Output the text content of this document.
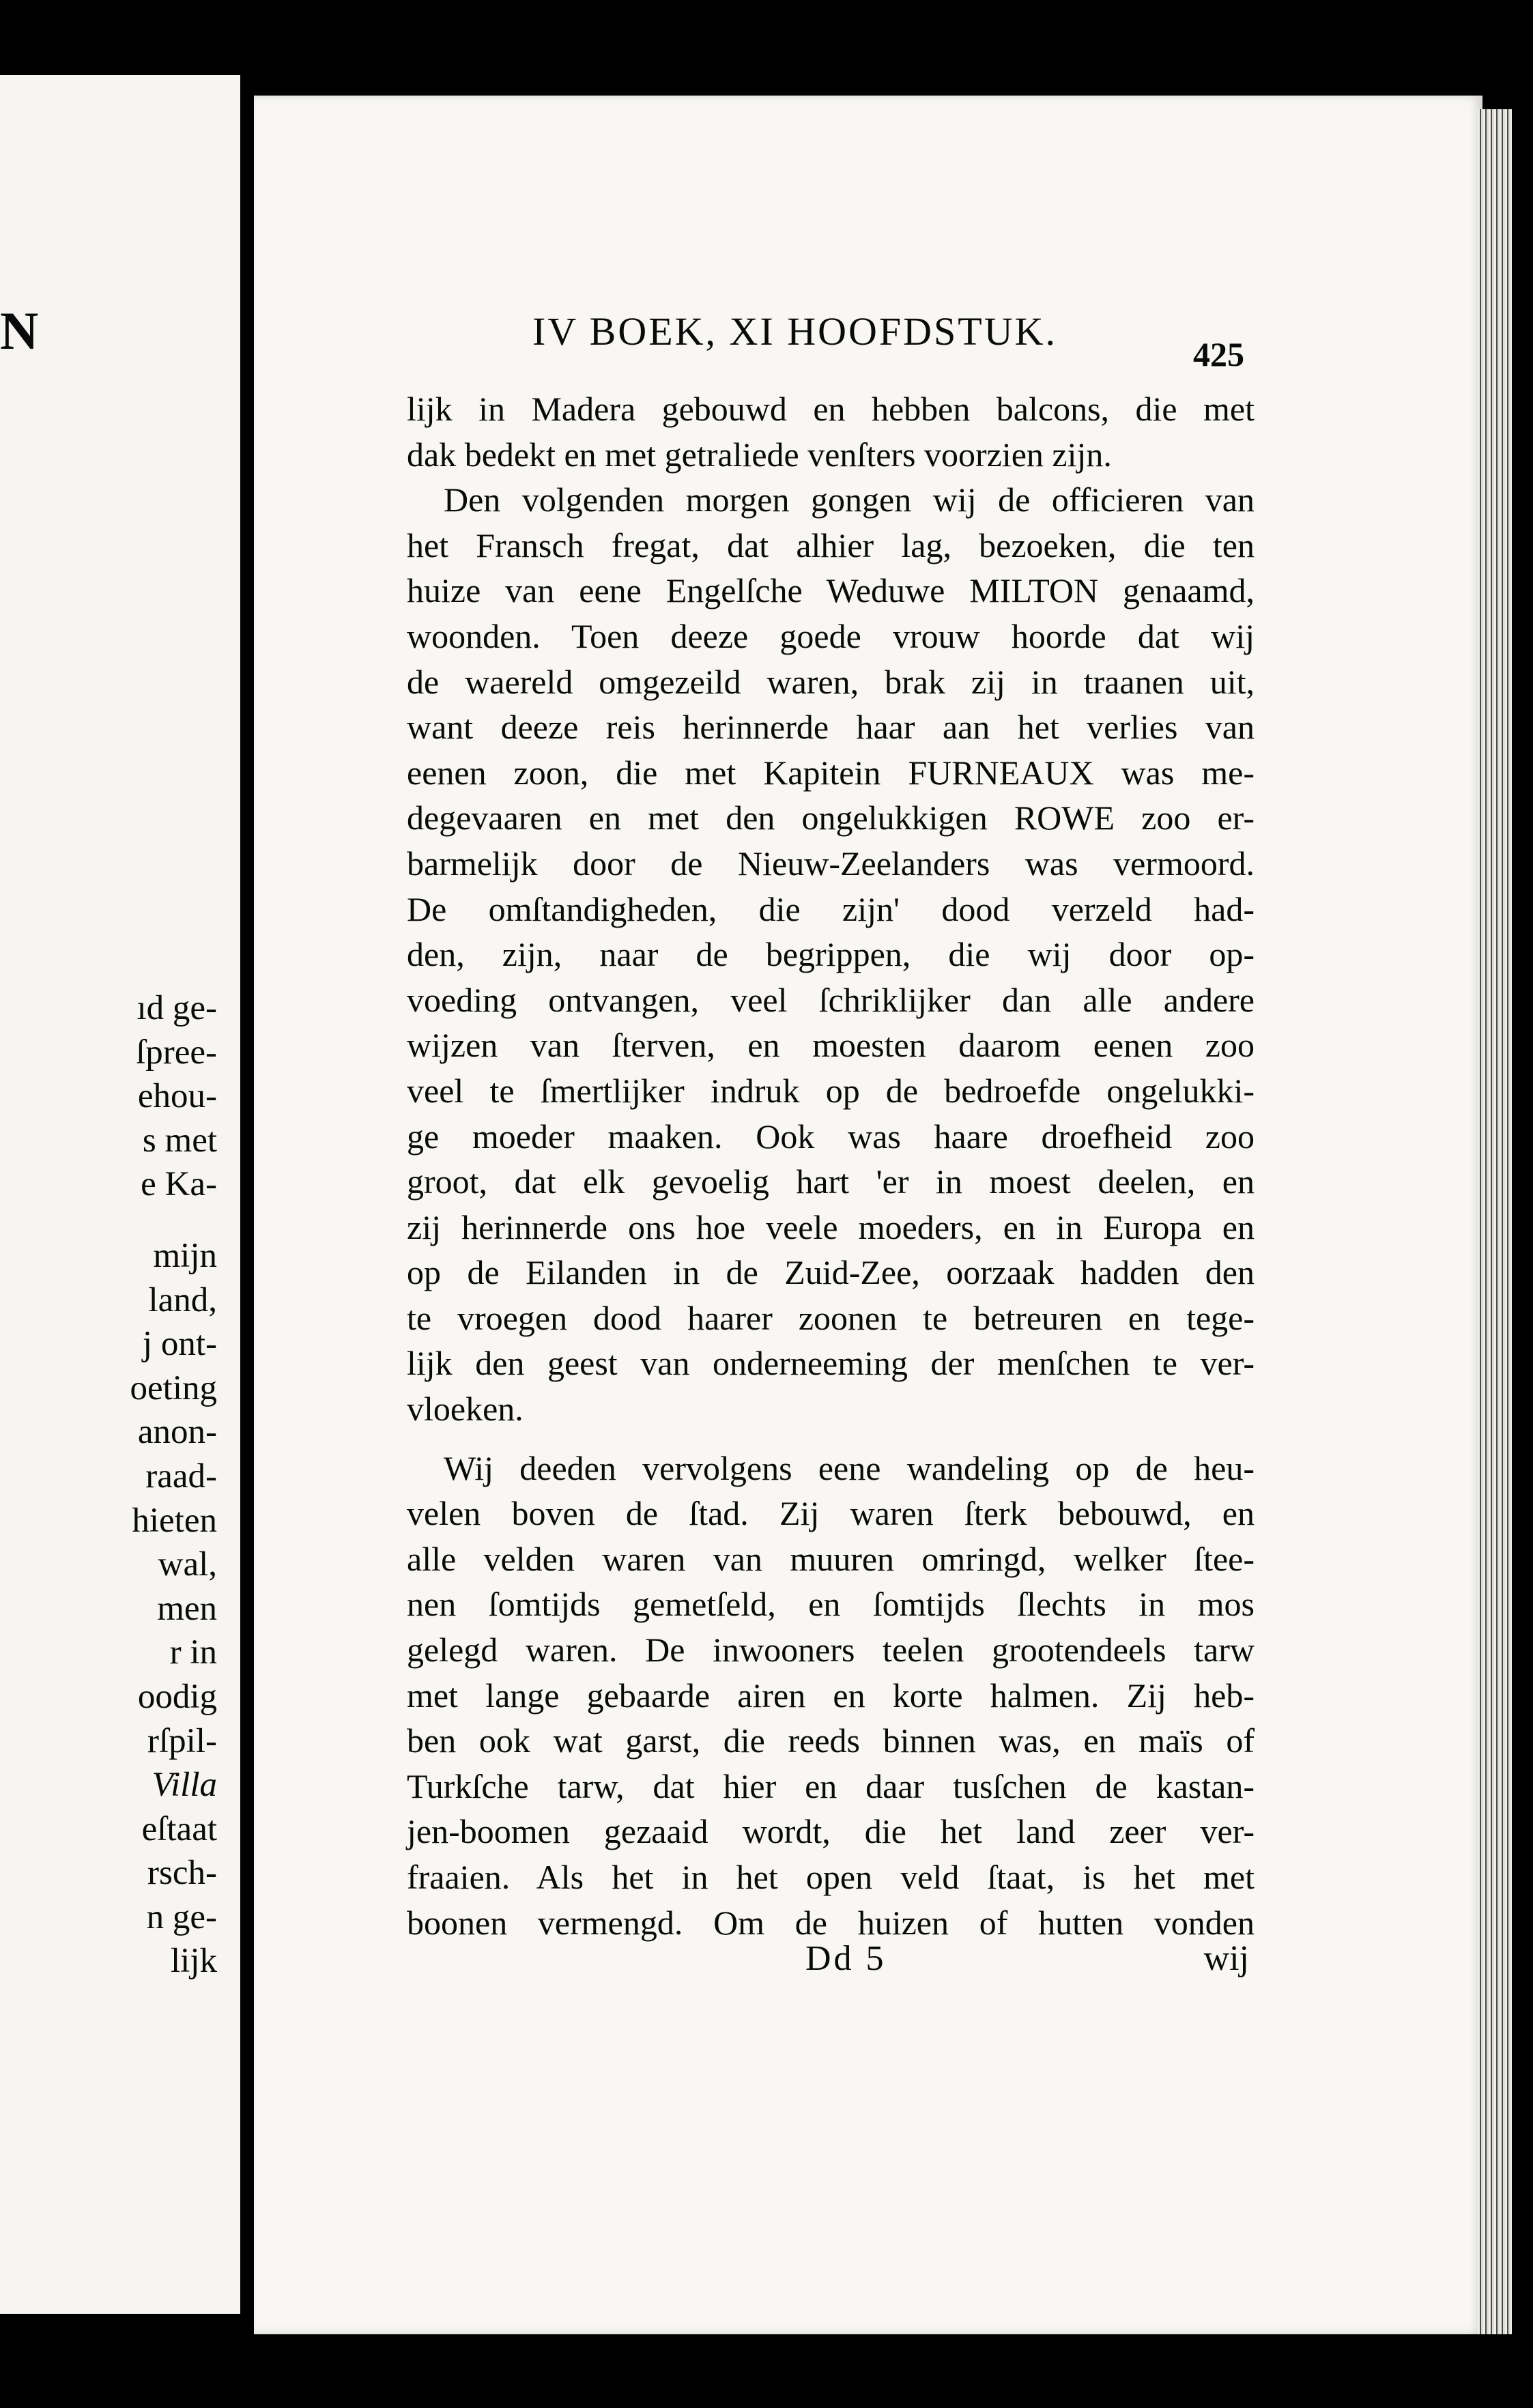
N
ıd ge-
ſpree-
ehou-
s met
e Ka-
mijn
land,
j ont-
oeting
anon-
raad-
hieten
wal,
men
r in
oodig
rſpil-
Villa
eſtaat
rsch-
n ge-
lijk
IV BOEK, XI HOOFDSTUK.
425
lijk in Madera gebouwd en hebben balcons, die met
dak bedekt en met getraliede venſters voorzien zijn.
Den volgenden morgen gongen wij de officieren van
het Fransch fregat, dat alhier lag, bezoeken, die ten
huize van eene Engelſche Weduwe MILTON genaamd,
woonden. Toen deeze goede vrouw hoorde dat wij
de waereld omgezeild waren, brak zij in traanen uit,
want deeze reis herinnerde haar aan het verlies van
eenen zoon, die met Kapitein FURNEAUX was me-
degevaaren en met den ongelukkigen ROWE zoo er-
barmelijk door de Nieuw-Zeelanders was vermoord.
De omſtandigheden, die zijn' dood verzeld had-
den, zijn, naar de begrippen, die wij door op-
voeding ontvangen, veel ſchriklijker dan alle andere
wijzen van ſterven, en moesten daarom eenen zoo
veel te ſmertlijker indruk op de bedroefde ongelukki-
ge moeder maaken. Ook was haare droefheid zoo
groot, dat elk gevoelig hart 'er in moest deelen, en
zij herinnerde ons hoe veele moeders, en in Europa en
op de Eilanden in de Zuid-Zee, oorzaak hadden den
te vroegen dood haarer zoonen te betreuren en tege-
lijk den geest van onderneeming der menſchen te ver-
vloeken.
Wij deeden vervolgens eene wandeling op de heu-
velen boven de ſtad. Zij waren ſterk bebouwd, en
alle velden waren van muuren omringd, welker ſtee-
nen ſomtijds gemetſeld, en ſomtijds ſlechts in mos
gelegd waren. De inwooners teelen grootendeels tarw
met lange gebaarde airen en korte halmen. Zij heb-
ben ook wat garst, die reeds binnen was, en maïs of
Turkſche tarw, dat hier en daar tusſchen de kastan-
jen-boomen gezaaid wordt, die het land zeer ver-
fraaien. Als het in het open veld ſtaat, is het met
boonen vermengd. Om de huizen of hutten vonden
Dd 5	wij
